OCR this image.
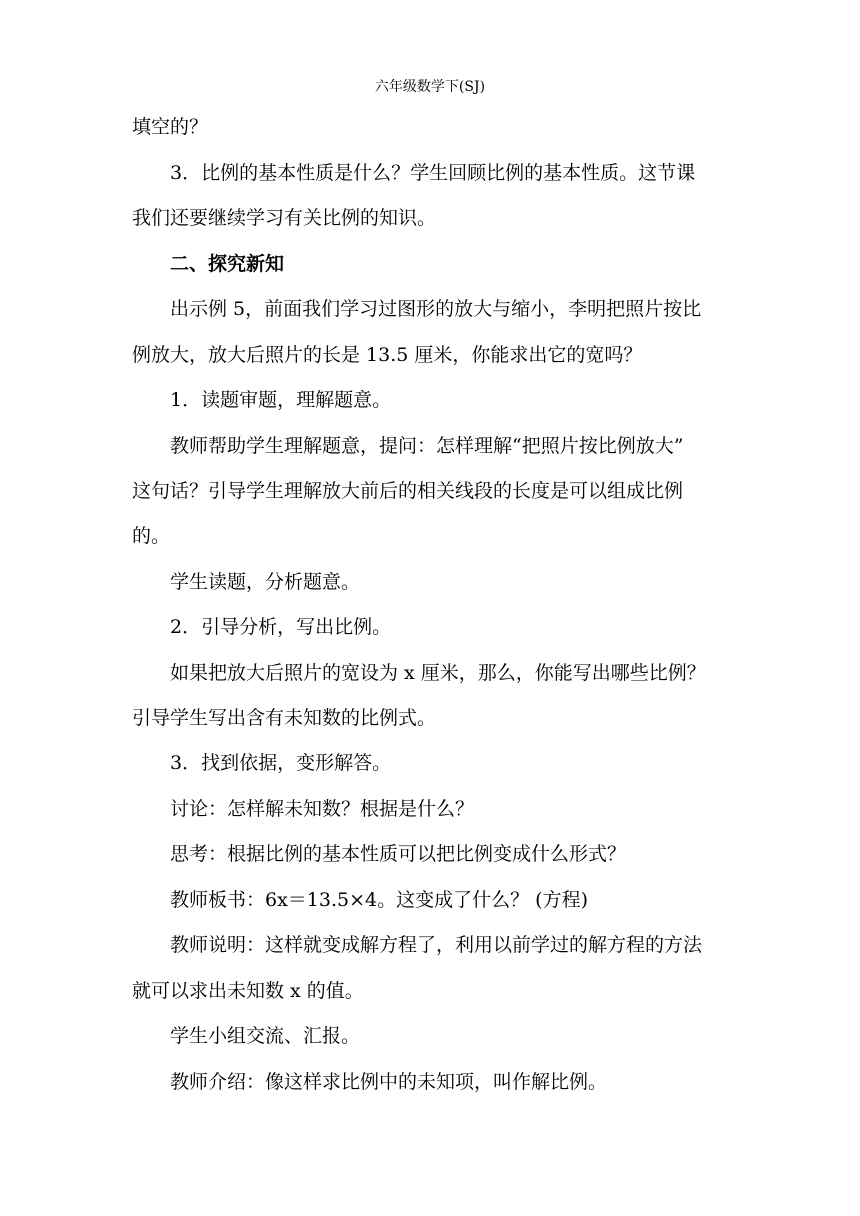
六年级数学下(SJ)

填空的？

　　3．比例的基本性质是什么？学生回顾比例的基本性质。这节课

我们还要继续学习有关比例的知识。

　　二、探究新知

　　出示例 5，前面我们学习过图形的放大与缩小，李明把照片按比

例放大，放大后照片的长是 13.5 厘米，你能求出它的宽吗？

　　1．读题审题，理解题意。

　　教师帮助学生理解题意，提问：怎样理解“把照片按比例放大”

这句话？引导学生理解放大前后的相关线段的长度是可以组成比例

的。

　　学生读题，分析题意。

　　2．引导分析，写出比例。

　　如果把放大后照片的宽设为 x 厘米，那么，你能写出哪些比例？

引导学生写出含有未知数的比例式。

　　3．找到依据，变形解答。

　　讨论：怎样解未知数？根据是什么？

　　思考：根据比例的基本性质可以把比例变成什么形式？

　　教师板书：6x＝13.5×4。这变成了什么？ (方程)

　　教师说明：这样就变成解方程了，利用以前学过的解方程的方法

就可以求出未知数 x 的值。

　　学生小组交流、汇报。

　　教师介绍：像这样求比例中的未知项，叫作解比例。
